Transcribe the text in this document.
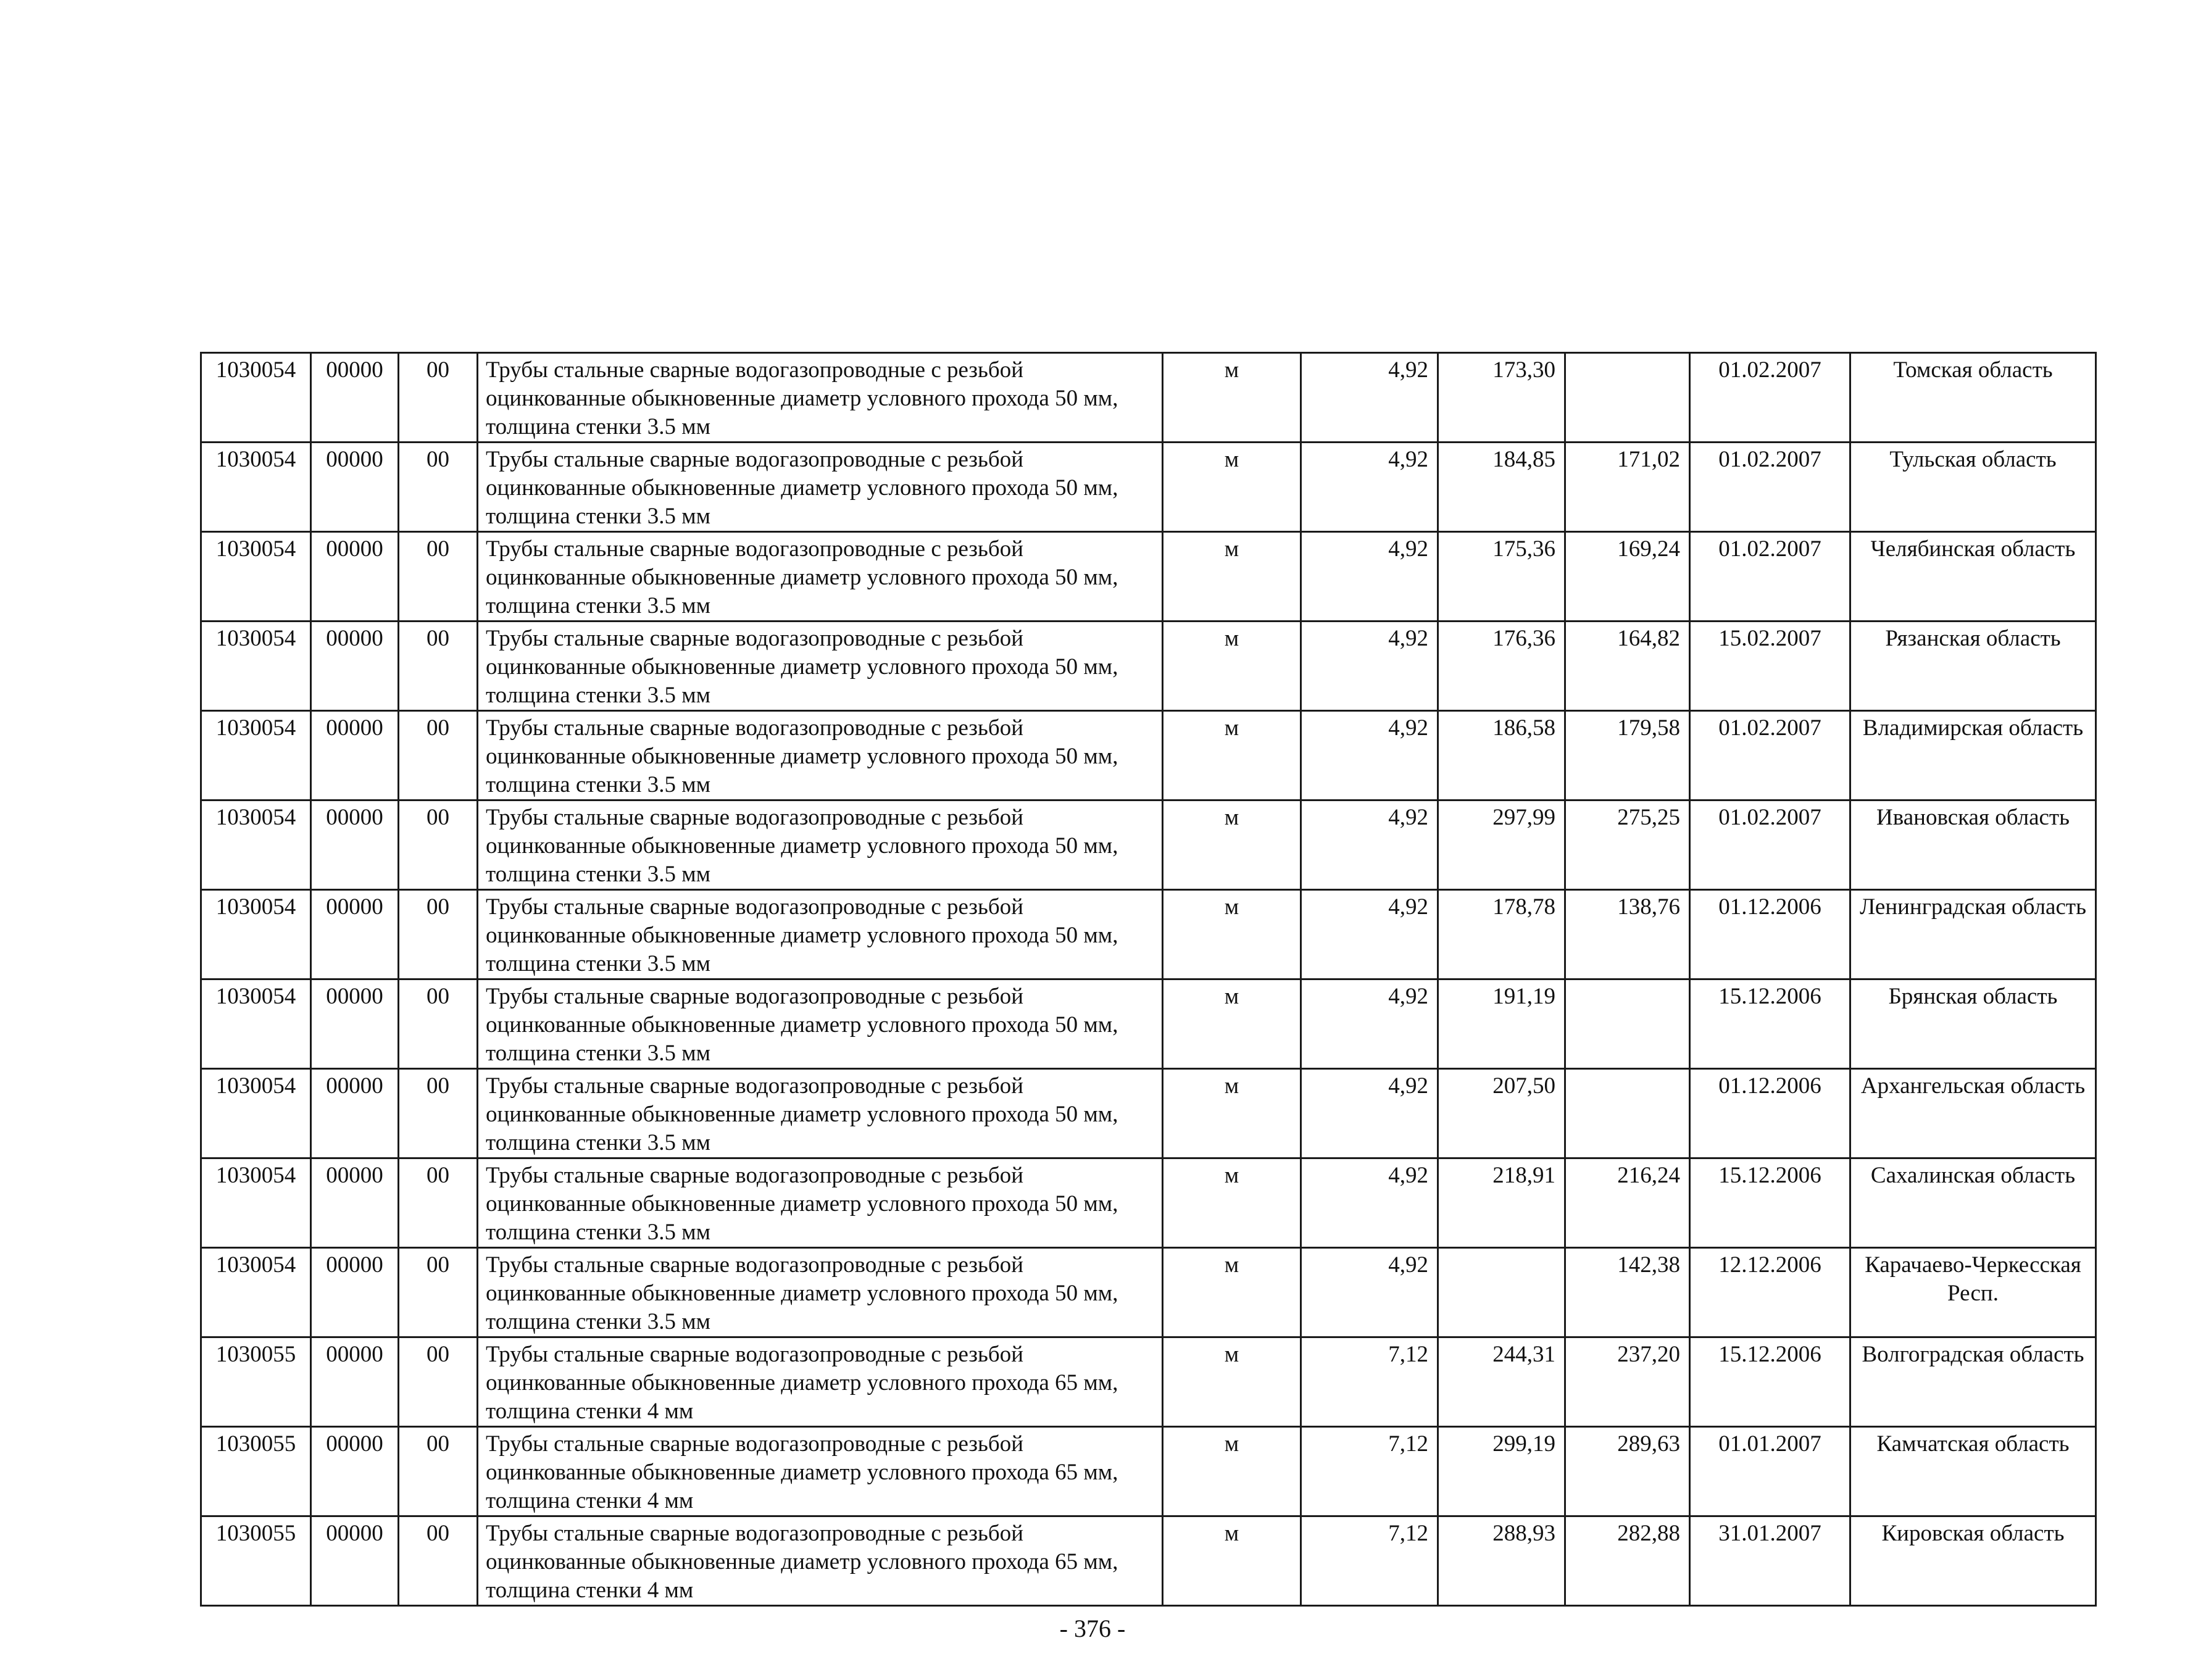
1030054	00000	00	Трубы стальные сварные водогазопроводные с резьбой оцинкованные обыкновенные диаметр условного прохода 50 мм, толщина стенки 3.5 мм	м	4,92	173,30		01.02.2007	Томская область
1030054	00000	00	Трубы стальные сварные водогазопроводные с резьбой оцинкованные обыкновенные диаметр условного прохода 50 мм, толщина стенки 3.5 мм	м	4,92	184,85	171,02	01.02.2007	Тульская область
1030054	00000	00	Трубы стальные сварные водогазопроводные с резьбой оцинкованные обыкновенные диаметр условного прохода 50 мм, толщина стенки 3.5 мм	м	4,92	175,36	169,24	01.02.2007	Челябинская область
1030054	00000	00	Трубы стальные сварные водогазопроводные с резьбой оцинкованные обыкновенные диаметр условного прохода 50 мм, толщина стенки 3.5 мм	м	4,92	176,36	164,82	15.02.2007	Рязанская область
1030054	00000	00	Трубы стальные сварные водогазопроводные с резьбой оцинкованные обыкновенные диаметр условного прохода 50 мм, толщина стенки 3.5 мм	м	4,92	186,58	179,58	01.02.2007	Владимирская область
1030054	00000	00	Трубы стальные сварные водогазопроводные с резьбой оцинкованные обыкновенные диаметр условного прохода 50 мм, толщина стенки 3.5 мм	м	4,92	297,99	275,25	01.02.2007	Ивановская область
1030054	00000	00	Трубы стальные сварные водогазопроводные с резьбой оцинкованные обыкновенные диаметр условного прохода 50 мм, толщина стенки 3.5 мм	м	4,92	178,78	138,76	01.12.2006	Ленинградская область
1030054	00000	00	Трубы стальные сварные водогазопроводные с резьбой оцинкованные обыкновенные диаметр условного прохода 50 мм, толщина стенки 3.5 мм	м	4,92	191,19		15.12.2006	Брянская область
1030054	00000	00	Трубы стальные сварные водогазопроводные с резьбой оцинкованные обыкновенные диаметр условного прохода 50 мм, толщина стенки 3.5 мм	м	4,92	207,50		01.12.2006	Архангельская область
1030054	00000	00	Трубы стальные сварные водогазопроводные с резьбой оцинкованные обыкновенные диаметр условного прохода 50 мм, толщина стенки 3.5 мм	м	4,92	218,91	216,24	15.12.2006	Сахалинская область
1030054	00000	00	Трубы стальные сварные водогазопроводные с резьбой оцинкованные обыкновенные диаметр условного прохода 50 мм, толщина стенки 3.5 мм	м	4,92		142,38	12.12.2006	Карачаево-Черкесская Респ.
1030055	00000	00	Трубы стальные сварные водогазопроводные с резьбой оцинкованные обыкновенные диаметр условного прохода 65 мм, толщина стенки 4 мм	м	7,12	244,31	237,20	15.12.2006	Волгоградская область
1030055	00000	00	Трубы стальные сварные водогазопроводные с резьбой оцинкованные обыкновенные диаметр условного прохода 65 мм, толщина стенки 4 мм	м	7,12	299,19	289,63	01.01.2007	Камчатская область
1030055	00000	00	Трубы стальные сварные водогазопроводные с резьбой оцинкованные обыкновенные диаметр условного прохода 65 мм, толщина стенки 4 мм	м	7,12	288,93	282,88	31.01.2007	Кировская область
- 376 -
